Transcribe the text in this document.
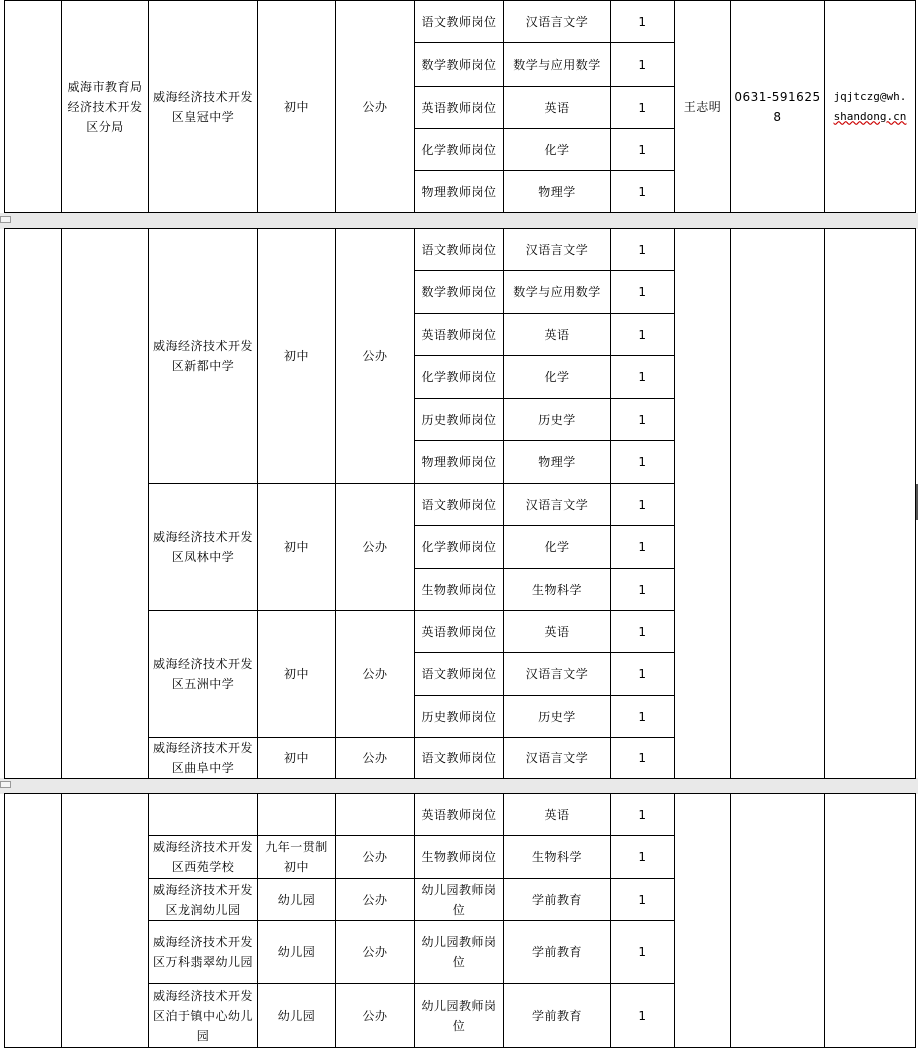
	威海市教育局经济技术开发区分局	威海经济技术开发区皇冠中学	初中	公办	语文教师岗位	汉语言文学	1	王志明	0631-5916258	jqjtczg@wh.
shandong.cn
					数学教师岗位	数学与应用数学	1			
					英语教师岗位	英语	1			
					化学教师岗位	化学	1			
					物理教师岗位	物理学	1			
		威海经济技术开发区新都中学	初中	公办	语文教师岗位	汉语言文学	1			
					数学教师岗位	数学与应用数学	1			
					英语教师岗位	英语	1			
					化学教师岗位	化学	1			
					历史教师岗位	历史学	1			
					物理教师岗位	物理学	1			
		威海经济技术开发区凤林中学	初中	公办	语文教师岗位	汉语言文学	1			
					化学教师岗位	化学	1			
					生物教师岗位	生物科学	1			
		威海经济技术开发区五洲中学	初中	公办	英语教师岗位	英语	1			
					语文教师岗位	汉语言文学	1			
					历史教师岗位	历史学	1			
		威海经济技术开发区曲阜中学	初中	公办	语文教师岗位	汉语言文学	1			
					英语教师岗位	英语	1			
		威海经济技术开发区西苑学校	九年一贯制初中	公办	生物教师岗位	生物科学	1			
		威海经济技术开发区龙润幼儿园	幼儿园	公办	幼儿园教师岗位	学前教育	1			
		威海经济技术开发区万科翡翠幼儿园	幼儿园	公办	幼儿园教师岗位	学前教育	1			
		威海经济技术开发区泊于镇中心幼儿园	幼儿园	公办	幼儿园教师岗位	学前教育	1			
